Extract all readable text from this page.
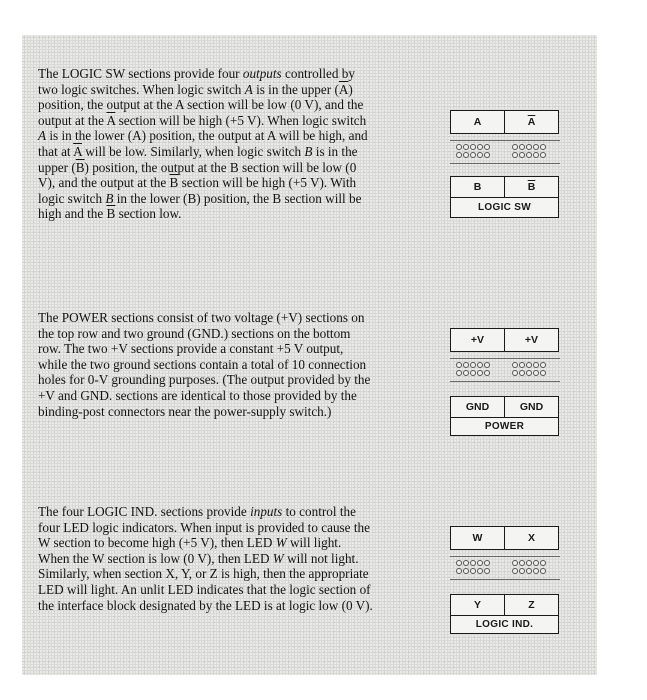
The LOGIC SW sections provide four outputs controlled by two logic switches. When logic switch A is in the upper $(\overline{A})$ position, the output at the A section will be low (0 V), and the output at the $\overline{A}$ section will be high (+5 V). When logic switch A is in the lower (A) position, the output at A will be high, and that at $\overline{A}$ will be low. Similarly, when logic switch B is in the upper $(\overline{B})$ position, the output at the B section will be low (0 V), and the output at the $\overline{B}$ section will be high (+5 V). With logic switch B in the lower (B) position, the B section will be high and the $\overline{B}$ section low.

The POWER sections consist of two voltage (+V) sections on the top row and two ground (GND.) sections on the bottom row. The two +V sections provide a constant +5 V output, while the two ground sections contain a total of 10 connection holes for 0-V grounding purposes. (The output provided by the +V and GND. sections are identical to those provided by the binding-post connectors near the power-supply switch.)

The four LOGIC IND. sections provide inputs to control the four LED logic indicators. When input is provided to cause the W section to become high (+5 V), then LED W will light. When the W section is low (0 V), then LED W will not light. Similarly, when section X, Y, or Z is high, then the appropriate LED will light. An unlit LED indicates that the logic section of the interface block designated by the LED is at logic low (0 V).

A	$\overline{A}$
B	$\overline{B}$
LOGIC SW
+V	+V
GND	GND
POWER
W	X
Y	Z
LOGIC IND.
